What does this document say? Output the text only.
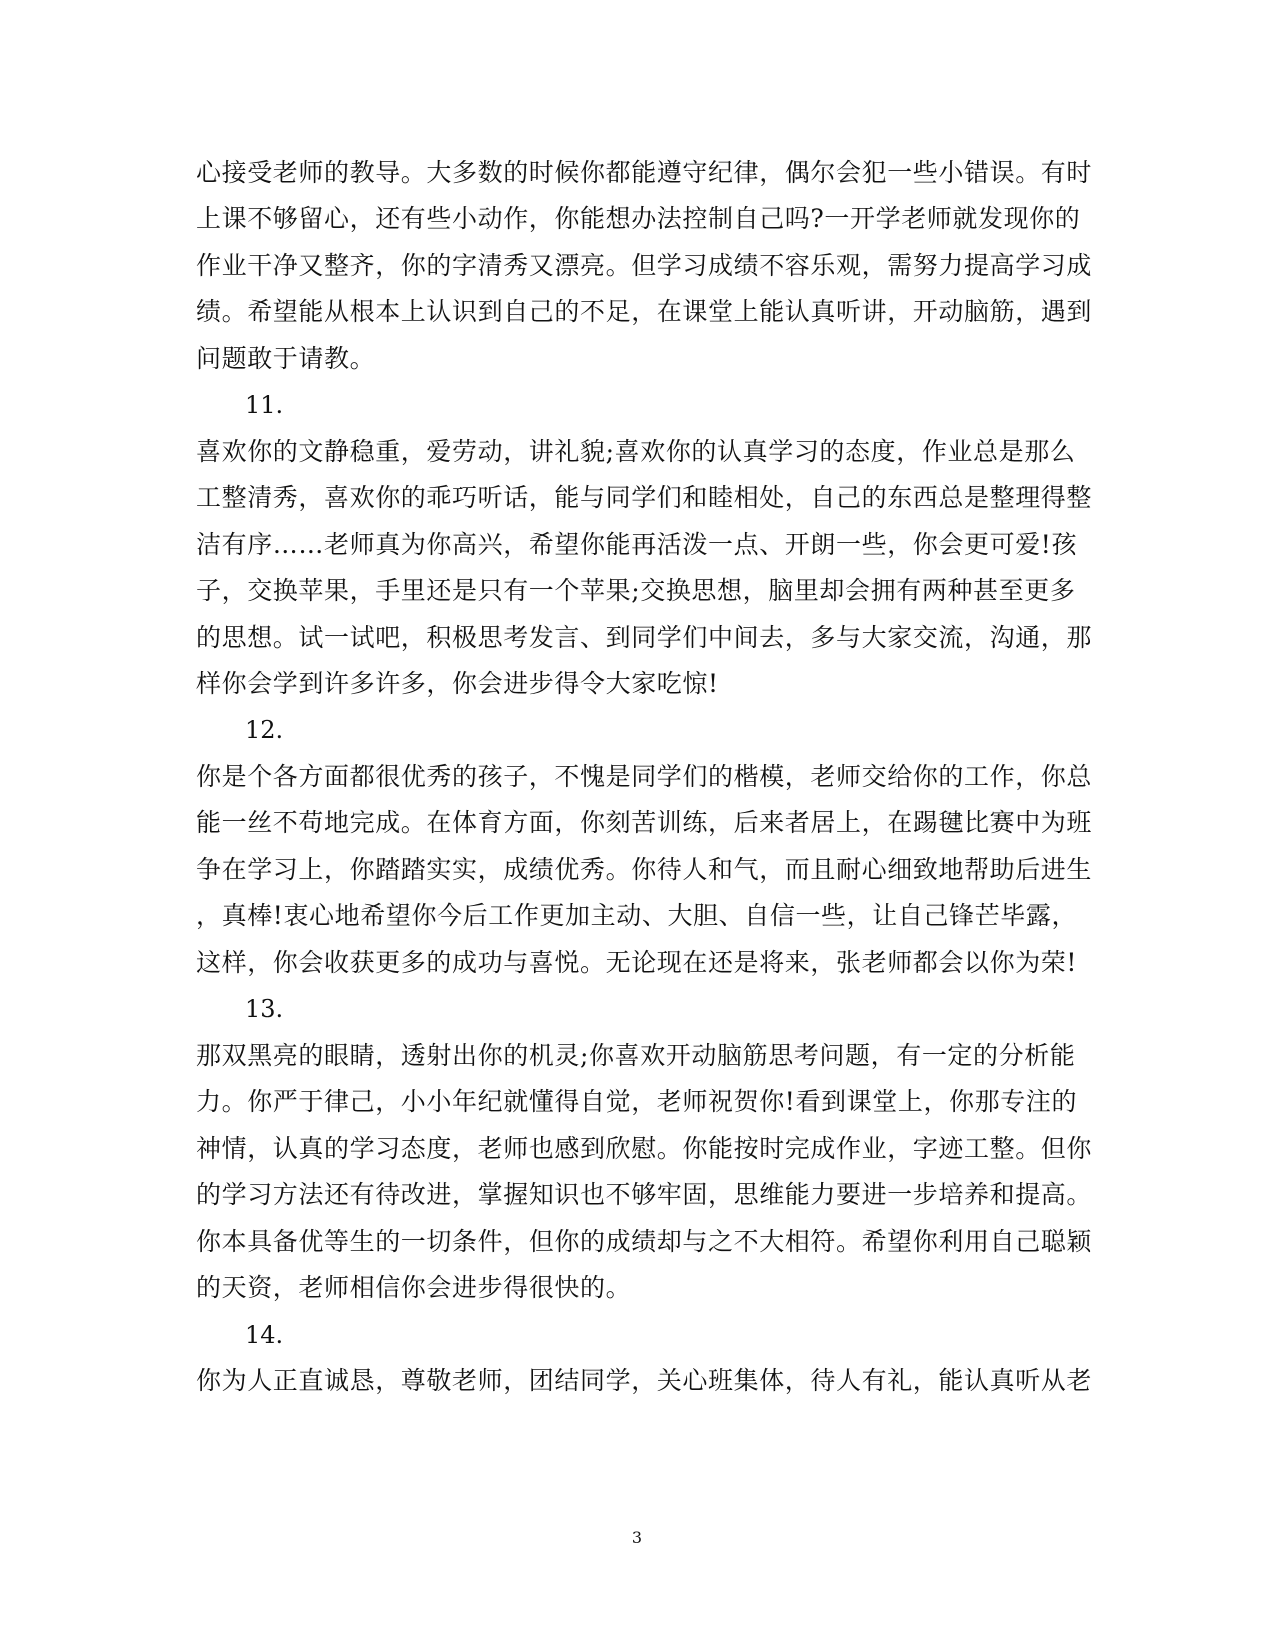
心接受老师的教导。大多数的时候你都能遵守纪律，偶尔会犯一些小错误。有时
上课不够留心，还有些小动作，你能想办法控制自己吗?一开学老师就发现你的
作业干净又整齐，你的字清秀又漂亮。但学习成绩不容乐观，需努力提高学习成
绩。希望能从根本上认识到自己的不足，在课堂上能认真听讲，开动脑筋，遇到
问题敢于请教。
11.
喜欢你的文静稳重，爱劳动，讲礼貌;喜欢你的认真学习的态度，作业总是那么
工整清秀，喜欢你的乖巧听话，能与同学们和睦相处，自己的东西总是整理得整
洁有序……老师真为你高兴，希望你能再活泼一点、开朗一些，你会更可爱!孩
子，交换苹果，手里还是只有一个苹果;交换思想，脑里却会拥有两种甚至更多
的思想。试一试吧，积极思考发言、到同学们中间去，多与大家交流，沟通，那
样你会学到许多许多，你会进步得令大家吃惊!
12.
你是个各方面都很优秀的孩子，不愧是同学们的楷模，老师交给你的工作，你总
能一丝不苟地完成。在体育方面，你刻苦训练，后来者居上，在踢毽比赛中为班
争在学习上，你踏踏实实，成绩优秀。你待人和气，而且耐心细致地帮助后进生
，真棒!衷心地希望你今后工作更加主动、大胆、自信一些，让自己锋芒毕露，
这样，你会收获更多的成功与喜悦。无论现在还是将来，张老师都会以你为荣!
13.
那双黑亮的眼睛，透射出你的机灵;你喜欢开动脑筋思考问题，有一定的分析能
力。你严于律己，小小年纪就懂得自觉，老师祝贺你!看到课堂上，你那专注的
神情，认真的学习态度，老师也感到欣慰。你能按时完成作业，字迹工整。但你
的学习方法还有待改进，掌握知识也不够牢固，思维能力要进一步培养和提高。
你本具备优等生的一切条件，但你的成绩却与之不大相符。希望你利用自己聪颖
的天资，老师相信你会进步得很快的。
14.
你为人正直诚恳，尊敬老师，团结同学，关心班集体，待人有礼，能认真听从老
3
